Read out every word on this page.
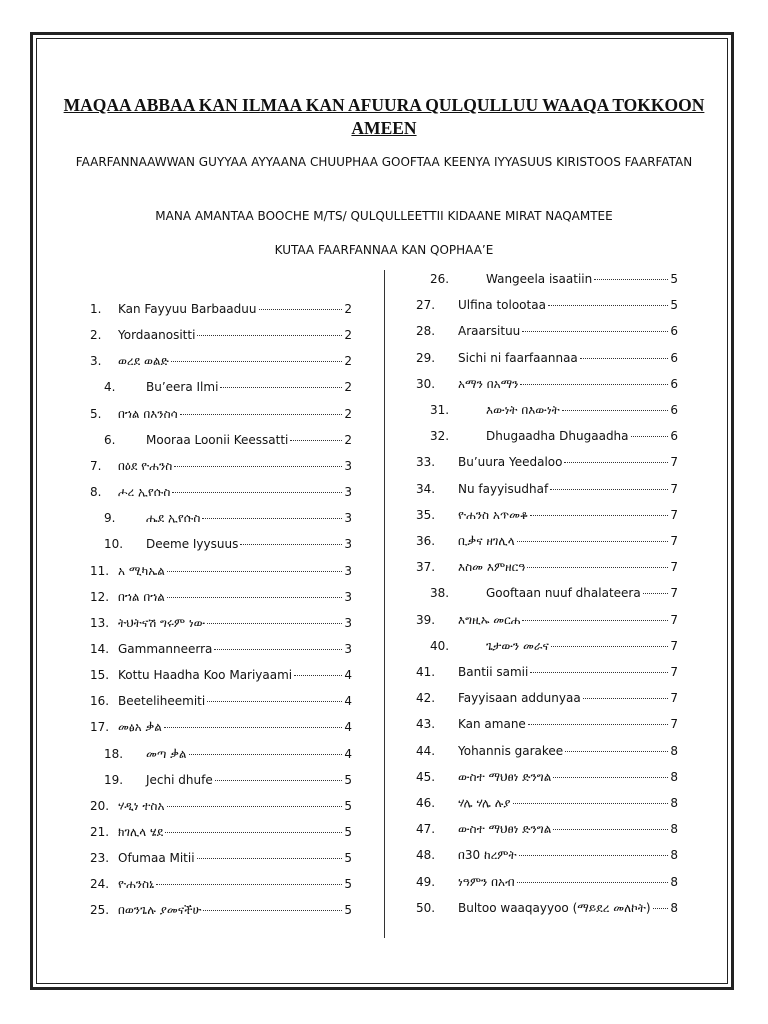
MAQAA ABBAA KAN ILMAA KAN AFUURA QULQULLUU WAAQA TOKKOON AMEEN
FAARFANNAAWWAN GUYYAA AYYAANA CHUUPHAA GOOFTAA KEENYA IYYASUUS KIRISTOOS FAARFATAN
MANA AMANTAA BOOCHE M/TS/ QULQULLEETTII KIDAANE MIRAT NAQAMTEE
KUTAA FAARFANNAA KAN QOPHAA’E
1.	Kan Fayyuu Barbaaduu	2
2.	Yordaanositti	2
3.	ወረደ ወልድ	2
4.	Bu’eera Ilmi	2
5.	በኀል በእንስሳ	2
6.	Mooraa Loonii Keessatti	2
7.	በዕደ ዮሐንስ	3
8.	ሖረ ኢየሱስ	3
9.	ሔደ ኢየሱስ	3
10.	Deeme Iyysuus	3
11. አ ሚካኤል	3
12. በኀል በኀል	3
13. ትህትናሽ ግሩም ነው	3
14. Gammanneerra	3
15. Kottu Haadha Koo Mariyaami	4
16. Beeteliheemiti	4
17. መፅአ ቃል	4
18.	መጣ ቃል	4
19.	Jechi dhufe	5
20. ሃዲነ ተስአ	5
21. ክገሊላ ሄደ	5
23. Ofumaa Mitii	5
24. ዮሐንስኒ	5
25. በወንጌሉ ያመናችሁ	5
26.	Wangeela isaatiin	5
27.	Ulfina tolootaa	5
28.	Araarsituu	6
29.	Sichi ni faarfaannaa	6
30.	አማን በአማን	6
31.	እውነት በእውነት	6
32.	Dhugaadha Dhugaadha	6
33.	Bu’uura Yeedaloo	7
34.	Nu fayyisudhaf	7
35.	ዮሐንስ አጥመቆ	7
36.	ቢቃና ዘገሊላ	7
37.	እስመ እምዘርዓ	7
38.	Gooftaan nuuf dhalateera 7
39.	እግዚኡ መርሐ	7
40.	ጌታውን መራና	7
41.	Bantii samii	7
42.	Fayyisaan addunyaa	7
43.	Kan amane	7
44.	Yohannis garakee	8
45.	ውስተ ማህፀነ ድንግል	8
46.	ሃሌ ሃሌ ሉያ	8
47.	ውስተ ማህፀነ ድንግል	8
48.	በ30 ከረምት	8
49.	ነዓምን በአብ	8
50.	Bultoo waaqayyoo (ማይደረ መለኮት) 8
